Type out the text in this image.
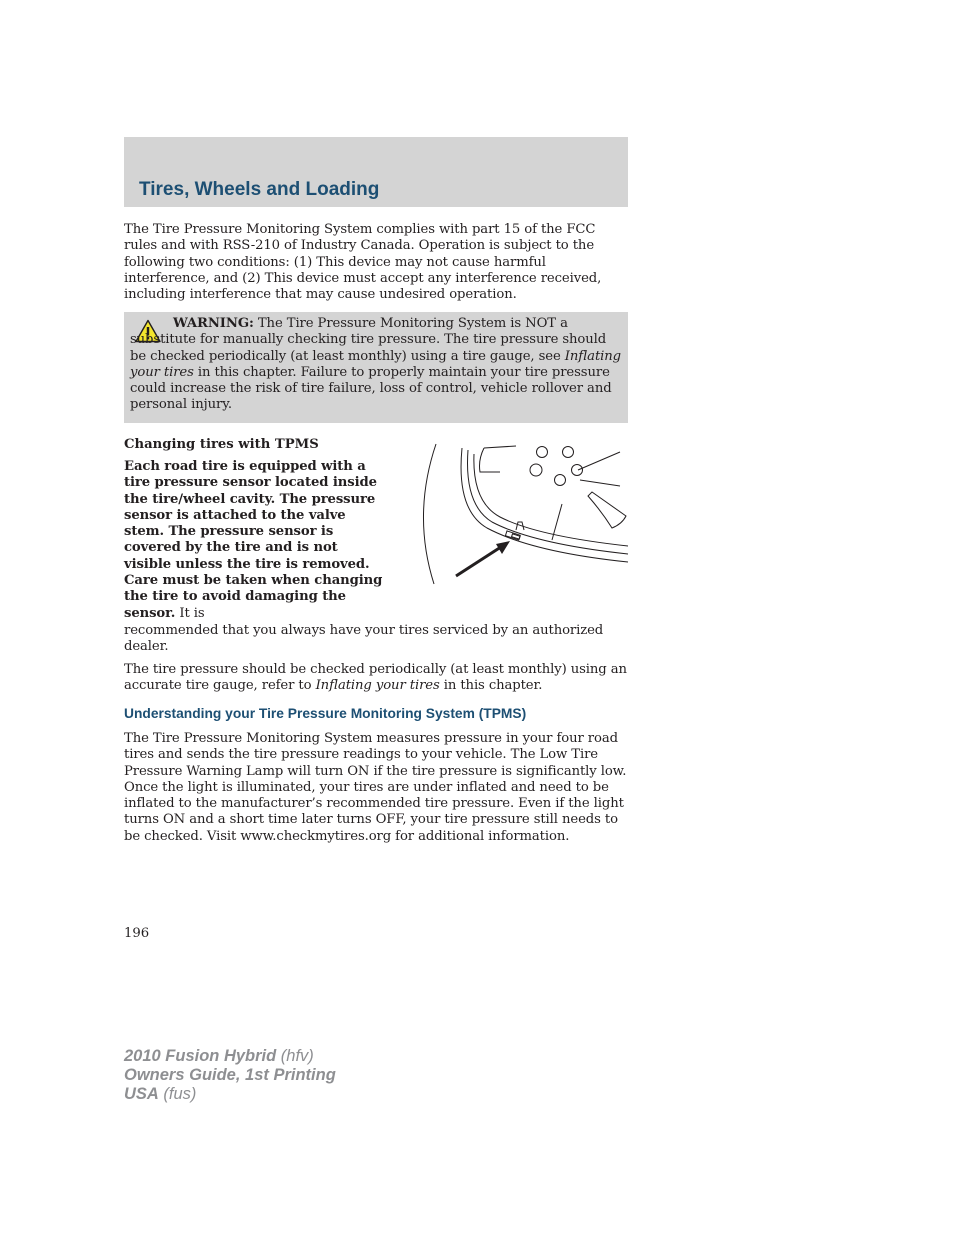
Tires, Wheels and Loading

The Tire Pressure Monitoring System complies with part 15 of the FCC rules and with RSS-210 of Industry Canada. Operation is subject to the following two conditions: (1) This device may not cause harmful interference, and (2) This device must accept any interference received, including interference that may cause undesired operation.

WARNING: The Tire Pressure Monitoring System is NOT a substitute for manually checking tire pressure. The tire pressure should be checked periodically (at least monthly) using a tire gauge, see Inflating your tires in this chapter. Failure to properly maintain your tire pressure could increase the risk of tire failure, loss of control, vehicle rollover and personal injury.

Changing tires with TPMS

Each road tire is equipped with a tire pressure sensor located inside the tire/wheel cavity. The pressure sensor is attached to the valve stem. The pressure sensor is covered by the tire and is not visible unless the tire is removed. Care must be taken when changing the tire to avoid damaging the sensor. It is

recommended that you always have your tires serviced by an authorized dealer.

The tire pressure should be checked periodically (at least monthly) using an accurate tire gauge, refer to Inflating your tires in this chapter.

Understanding your Tire Pressure Monitoring System (TPMS)

The Tire Pressure Monitoring System measures pressure in your four road tires and sends the tire pressure readings to your vehicle. The Low Tire Pressure Warning Lamp will turn ON if the tire pressure is significantly low. Once the light is illuminated, your tires are under inflated and need to be inflated to the manufacturer’s recommended tire pressure. Even if the light turns ON and a short time later turns OFF, your tire pressure still needs to be checked. Visit www.checkmytires.org for additional information.

196

2010 Fusion Hybrid (hfv)
Owners Guide, 1st Printing
USA (fus)
